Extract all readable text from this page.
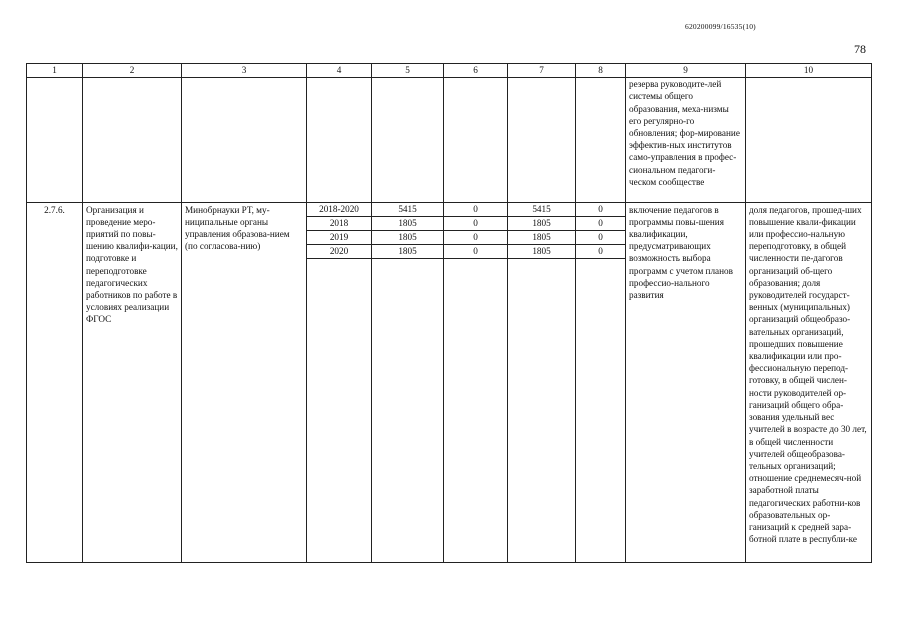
620200099/16535(10)
78
1	2	3	4	5	6	7	8	9	10
								резерва руководите-лей системы общего образования, меха-низмы его регулярно-го обновления; фор-мирование эффектив-ных институтов само-управления в профес-сиональном педагоги-ческом сообществе	
2.7.6.	Организация и проведение меро-приятий по повы-шению квалифи-кации, подготовке и переподготовке педагогических работников по работе в условиях реализации ФГОС	Минобрнауки РТ, му-ниципальные органы управления образова-нием (по согласова-нию)	2018-2020	5415	0	5415	0	включение педагогов в программы повы-шения квалификации, предусматривающих возможность выбора программ с учетом планов профессио-нального развития	доля педагогов, прошед-ших повышение квали-фикации или профессио-нальную переподготовку, в общей численности пе-дагогов организаций об-щего образования; доля руководителей государст-венных (муниципальных) организаций общеобразо-вательных организаций, прошедших повышение квалификации или про-фессиональную перепод-готовку, в общей числен-ности руководителей ор-ганизаций общего обра-зования удельный вес учителей в возрасте до 30 лет, в общей численности учителей общеобразова-тельных организаций; отношение среднемесяч-ной заработной платы педагогических работни-ков образовательных ор-ганизаций к средней зара-ботной плате в республи-ке
			2018	1805	0	1805	0		
			2019	1805	0	1805	0		
			2020	1805	0	1805	0		
